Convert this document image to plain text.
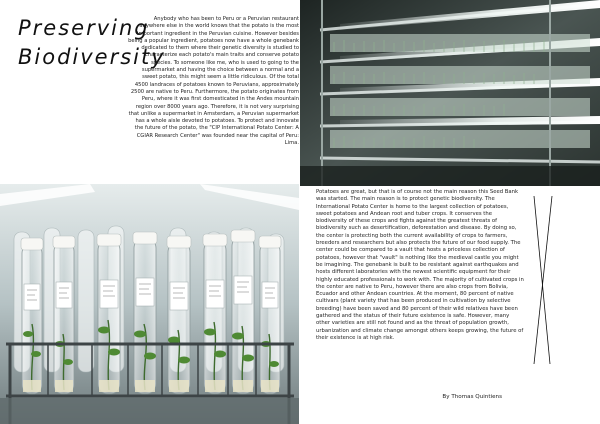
Preserving
Biodiversity
Anybody who has been to Peru or a Peruvian restaurant anywhere else in the world knows that the potato is the most important ingredient in the Peruvian cuisine. However besides being a popular ingredient, potatoes now have a whole genebank dedicated to them where their genetic diversity is studied to characterize each potato's main traits and conserve potato species. To someone like me, who is used to going to the supermarket and having the choice between a normal and a sweet potato, this might seem a little ridiculous. Of the total 4500 landraces of potatoes known to Peruvians, approximately 2500 are native to Peru. Furthermore, the potato originates from Peru, where it was first domesticated in the Andes mountain region over 8000 years ago. Therefore, it is not very surprising that unlike a supermarket in Amsterdam, a Peruvian supermarket has a whole aisle devoted to potatoes. To protect and innovate the future of the potato, the "CIP International Potato Center: A CGIAR Research Center" was founded near the capital of Peru: Lima.
Potatoes are great, but that is of course not the main reason this Seed Bank was started. The main reason is to protect genetic biodiversity. The International Potato Center is home to the largest collection of potatoes, sweet potatoes and Andean root and tuber crops. It conserves the biodiversity of these crops and fights against the greatest threats of biodiversity such as desertification, deforestation and disease. By doing so, the center is protecting both the current availability of crops to farmers, breeders and researchers but also protects the future of our food supply. The center could be compared to a vault that hosts a priceless collection of potatoes, however that "vault" is nothing like the medieval castle you might be imagining. The genebank is built to be resistant against earthquakes and hosts different laboratories with the newest scientific equipment for their highly educated professionals to work with. The majority of cultivated crops in the center are native to Peru, however there are also crops from Bolivia, Ecuador and other Andean countries. At the moment, 80 percent of native cultivars (plant variety that has been produced in cultivation by selective breeding) have been saved and 80 percent of their wild relatives have been gathered and the status of their future existence is safe. However, many other varieties are still not found and as the threat of population growth, urbanization and climate change amongst others keeps growing, the future of their existence is at high risk.
By Thomas Quintiens
